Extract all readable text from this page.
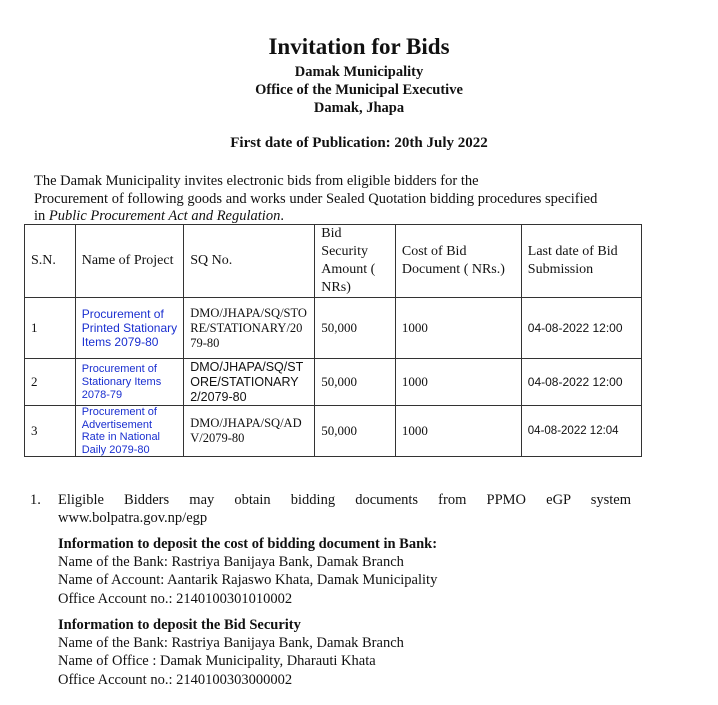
Invitation for Bids
Damak Municipality
Office of the Municipal Executive
Damak, Jhapa
First date of Publication: 20th July 2022
The Damak Municipality invites electronic bids from eligible bidders for the
Procurement of following goods and works under Sealed Quotation bidding procedures specified
in Public Procurement Act and Regulation.
S.N.	Name of Project	SQ No.	Bid Security Amount ( NRs)	Cost of Bid Document ( NRs.)	Last date of Bid Submission
1	Procurement of Printed Stationary Items 2079-80	DMO/JHAPA/SQ/STORE/STATIONARY/2079-80	50,000	1000	04-08-2022 12:00
2	Procurement of Stationary Items 2078-79	DMO/JHAPA/SQ/STORE/STATIONARY2/2079-80	50,000	1000	04-08-2022 12:00
3	Procurement of Advertisement Rate in National Daily 2079-80	DMO/JHAPA/SQ/ADV/2079-80	50,000	1000	04-08-2022 12:04
1. Eligible Bidders may obtain bidding documents from PPMO eGP system
www.bolpatra.gov.np/egp
Information to deposit the cost of bidding document in Bank:
Name of the Bank: Rastriya Banijaya Bank, Damak Branch
Name of Account: Aantarik Rajaswo Khata, Damak Municipality
Office Account no.: 2140100301010002
Information to deposit the Bid Security
Name of the Bank: Rastriya Banijaya Bank, Damak Branch
Name of Office : Damak Municipality, Dharauti Khata
Office Account no.: 2140100303000002
